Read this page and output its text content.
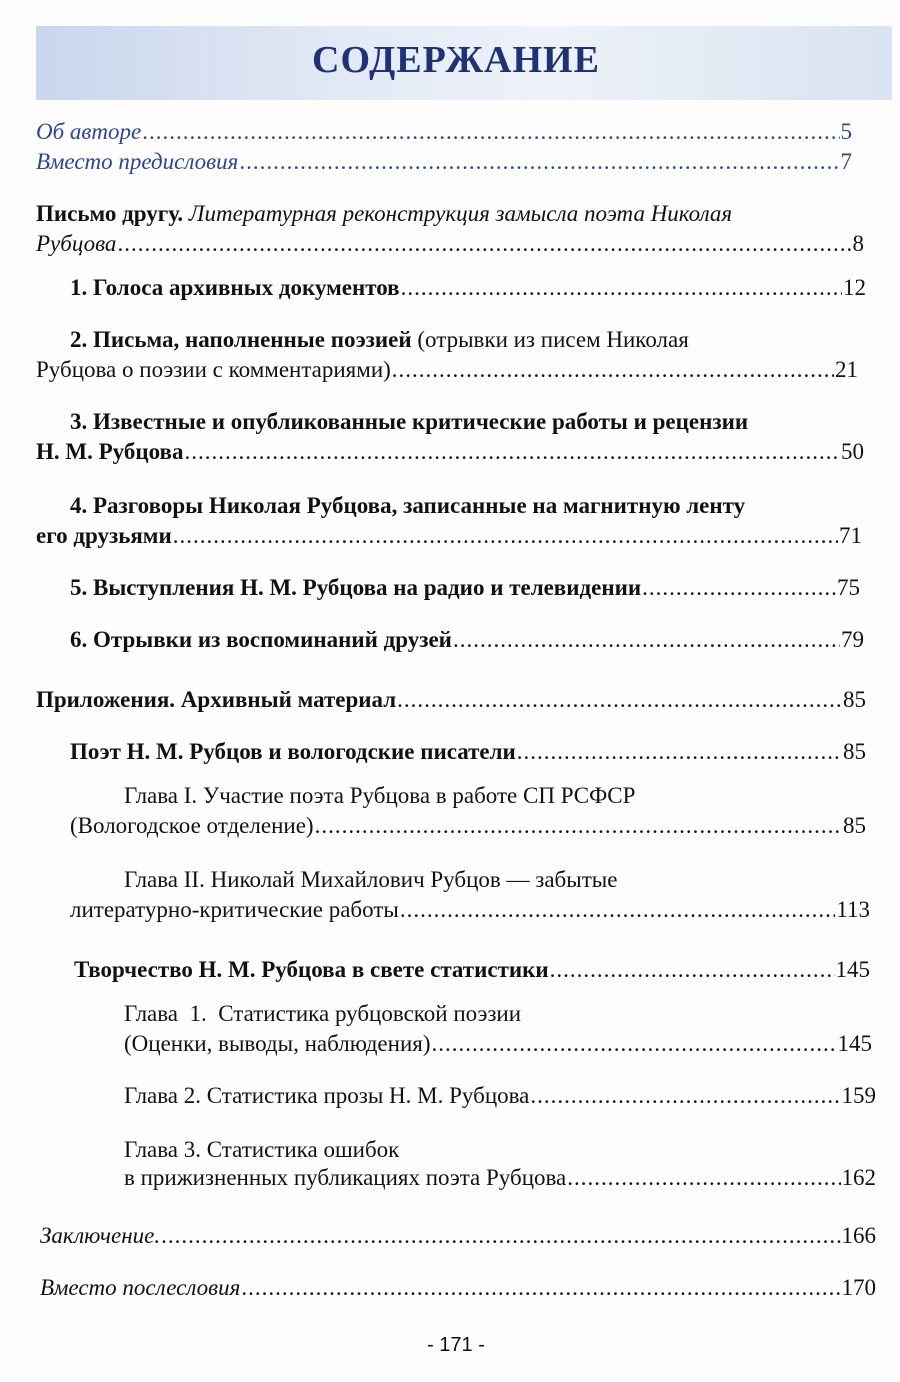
СОДЕРЖАНИЕ
Об авторе .....	5
Вместо предисловия .....	7
Письмо другу. Литературная реконструкция замысла поэта Николая
Рубцова .....	8
1. Голоса архивных документов .....	12
2. Письма, наполненные поэзией (отрывки из писем Николая
Рубцова о поэзии с комментариями) .....	21
3. Известные и опубликованные критические работы и рецензии
Н. М. Рубцова .....	50
4. Разговоры Николая Рубцова, записанные на магнитную ленту
его друзьями .....	71
5. Выступления Н. М. Рубцова на радио и телевидении .....	75
6. Отрывки из воспоминаний друзей .....	79
Приложения. Архивный материал .....	85
Поэт Н. М. Рубцов и вологодские писатели .....	85
Глава I. Участие поэта Рубцова в работе СП РСФСР
(Вологодское отделение) .....	85
Глава II. Николай Михайлович Рубцов — забытые
литературно-критические работы .....	113
Творчество Н. М. Рубцова в свете статистики .....	145
Глава  1.  Статистика рубцовской поэзии
(Оценки, выводы, наблюдения) .....	145
Глава 2. Статистика прозы Н. М. Рубцова .....	159
Глава 3. Статистика ошибок
в прижизненных публикациях поэта Рубцова .....	162
Заключение. .....	166
Вместо послесловия .....	170
- 171 -
